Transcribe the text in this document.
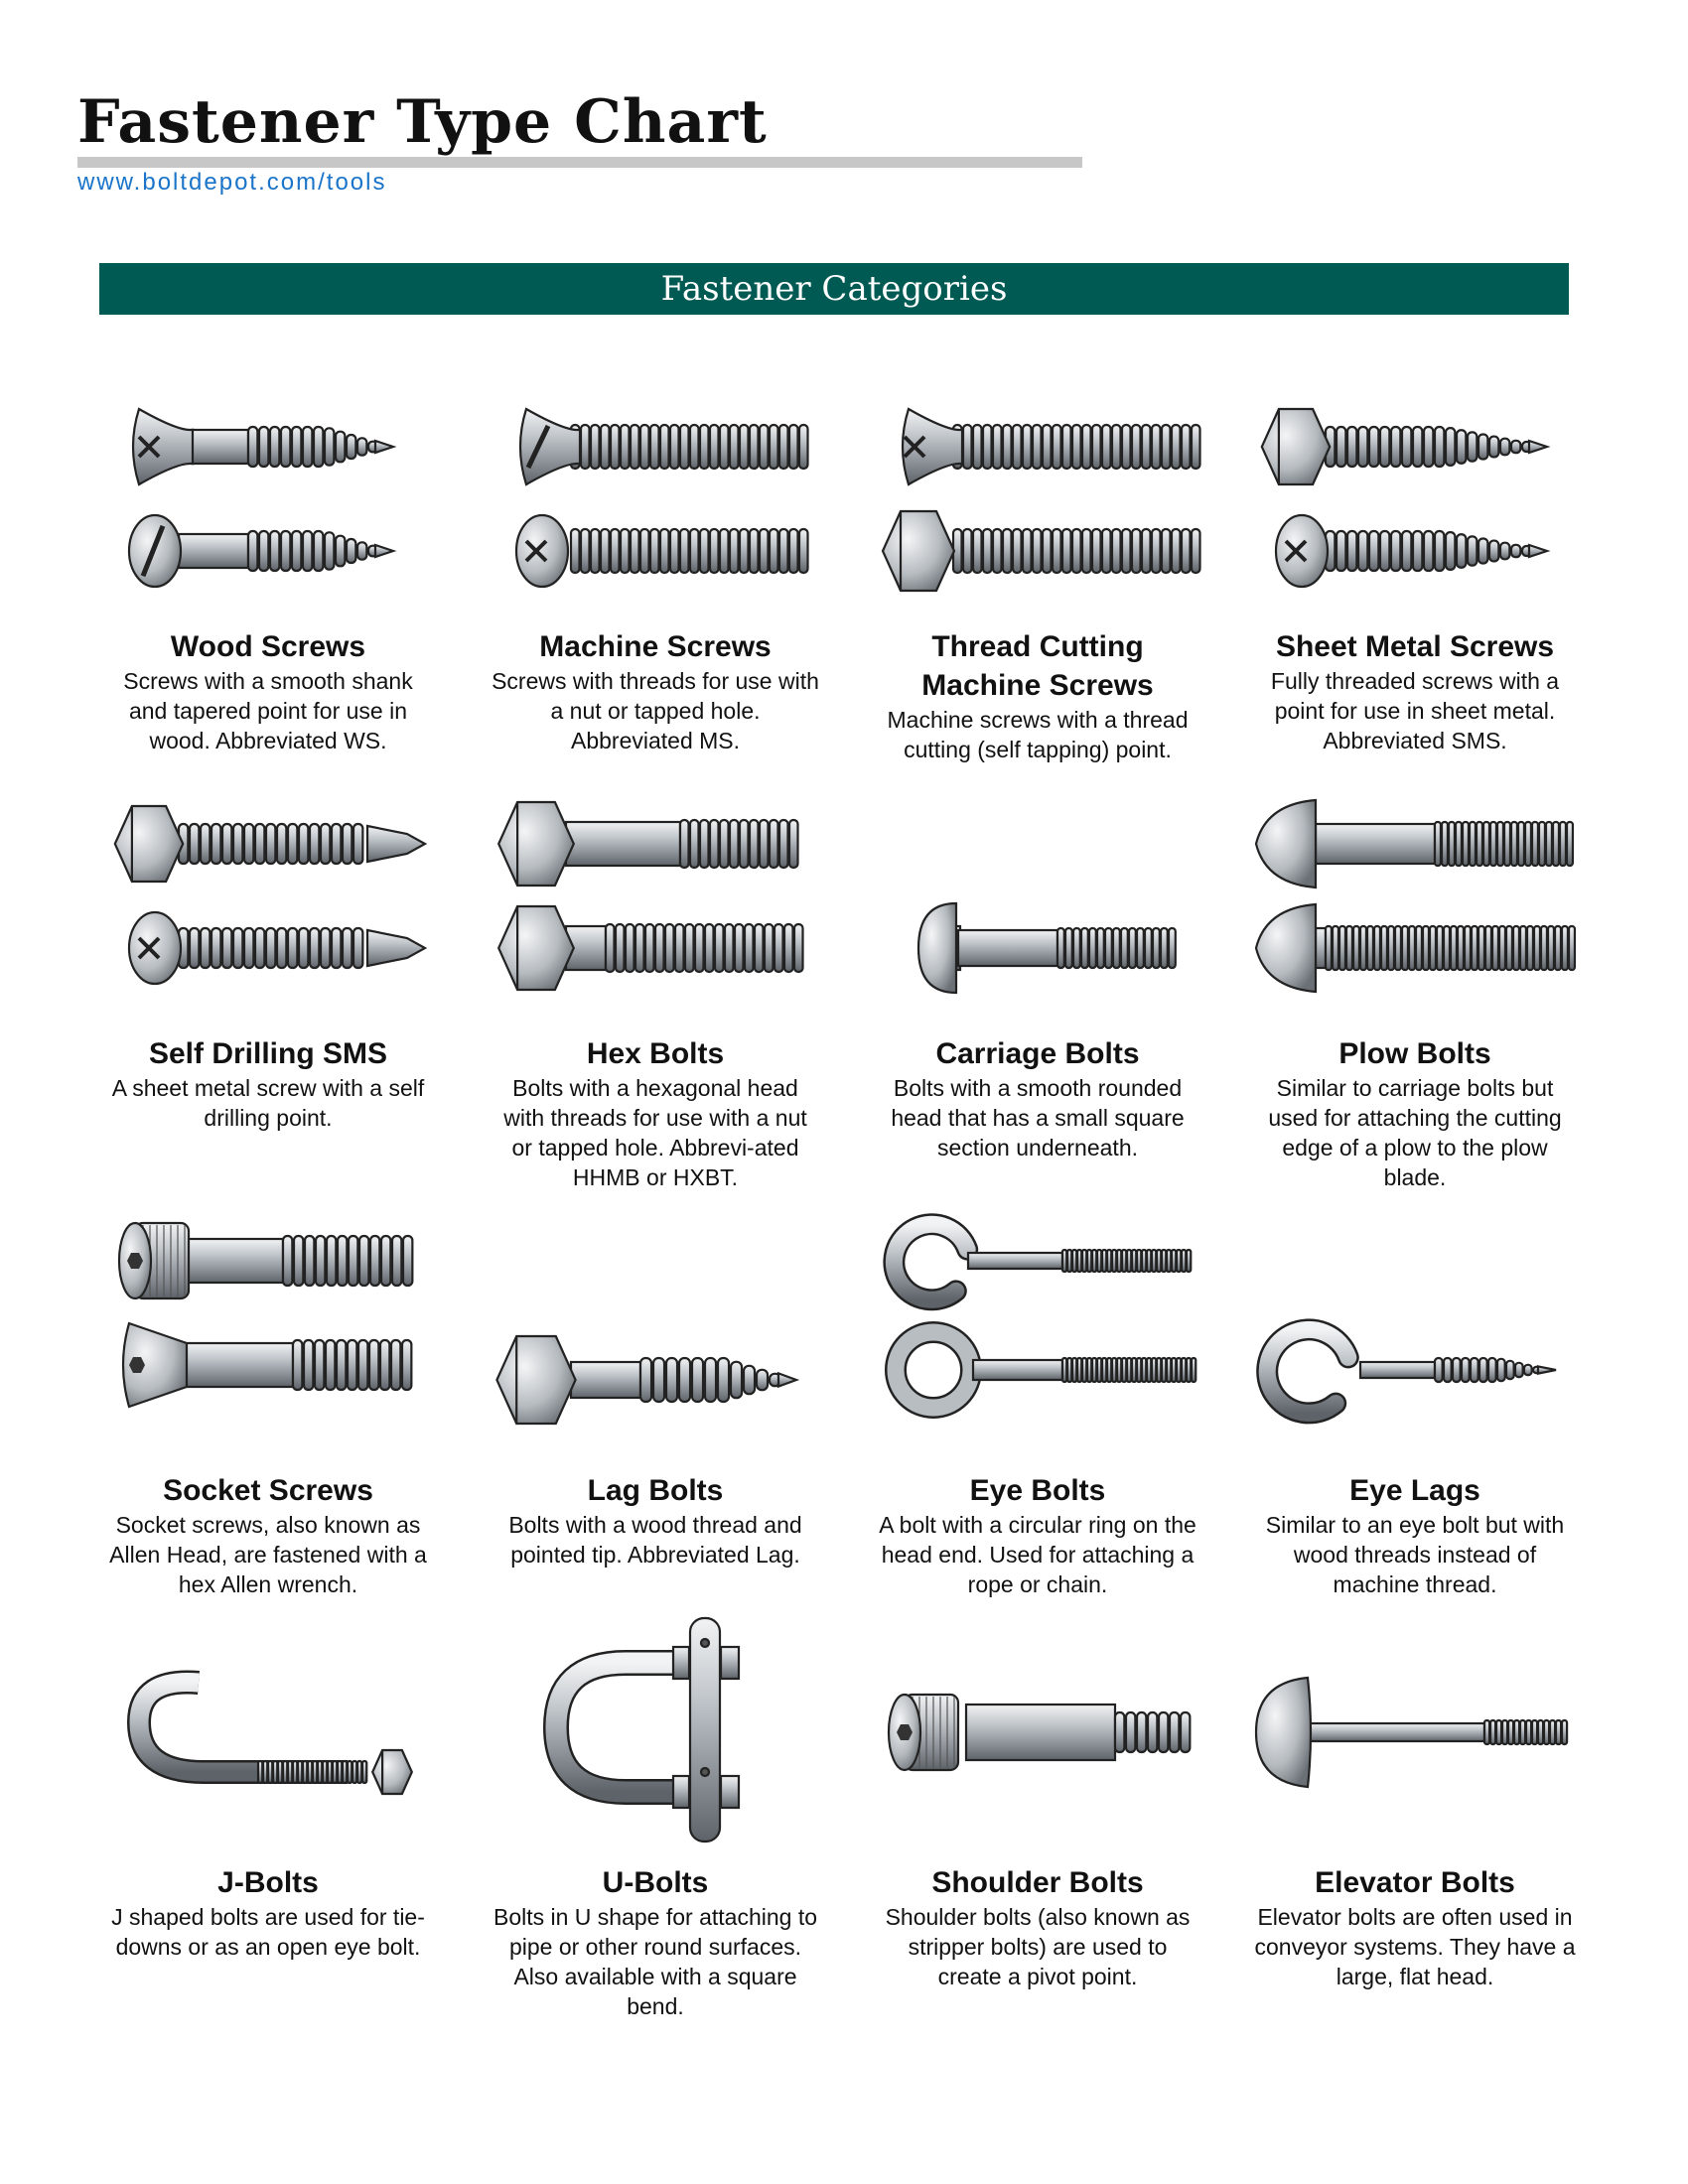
Fastener Type Chart
www.boltdepot.com/tools
Fastener Categories
Wood Screws
Screws with a smooth shank and tapered point for use in wood. Abbreviated WS.
Machine Screws
Screws with threads for use with a nut or tapped hole. Abbreviated MS.
Thread Cutting Machine Screws
Machine screws with a thread cutting (self tapping) point.
Sheet Metal Screws
Fully threaded screws with a point for use in sheet metal. Abbreviated SMS.
Self Drilling SMS
A sheet metal screw with a self drilling point.
Hex Bolts
Bolts with a hexagonal head with threads for use with a nut or tapped hole. Abbrevi-ated HHMB or HXBT.
Carriage Bolts
Bolts with a smooth rounded head that has a small square section underneath.
Plow Bolts
Similar to carriage bolts but used for attaching the cutting edge of a plow to the plow blade.
Socket Screws
Socket screws, also known as Allen Head, are fastened with a hex Allen wrench.
Lag Bolts
Bolts with a wood thread and pointed tip. Abbreviated Lag.
Eye Bolts
A bolt with a circular ring on the head end. Used for attaching a rope or chain.
Eye Lags
Similar to an eye bolt but with wood threads instead of machine thread.
J-Bolts
J shaped bolts are used for tie-downs or as an open eye bolt.
U-Bolts
Bolts in U shape for attaching to pipe or other round surfaces. Also available with a square bend.
Shoulder Bolts
Shoulder bolts (also known as stripper bolts) are used to create a pivot point.
Elevator Bolts
Elevator bolts are often used in conveyor systems. They have a large, flat head.
